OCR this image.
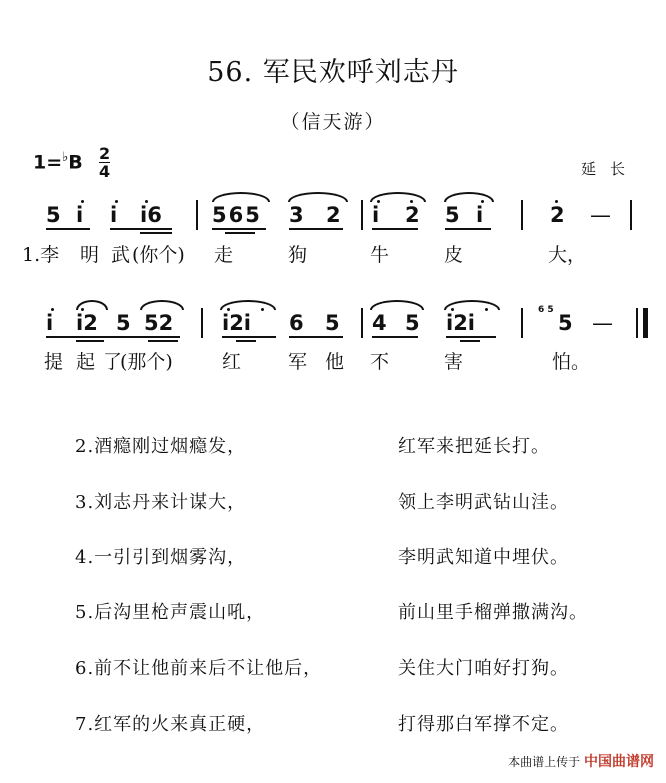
56. 军民欢呼刘志丹
（信天游）
1=♭B 2
4	延长
5 i i i6 565 3 2 i 2 5 i	2 —
1.李 明 武 (你个) 走	狗	牛	皮	大，
i i2 5 52 i2i 6 5 4 5 i2i
6 5
5 —
提 起 了
(那个)	红 军 他 不	害	怕。
2.酒瘾刚过烟瘾发，	红军来把延长打。
3.刘志丹来计谋大，	领上李明武钻山洼。
4.一引引到烟雾沟，	李明武知道中埋伏。
5.后沟里枪声震山吼，	前山里手榴弹撒满沟。
6.前不让他前来后不让他后，	关住大门咱好打狗。
7.红军的火来真正硬，	打得那白军撑不定。
本曲谱上传于 中国曲谱网
